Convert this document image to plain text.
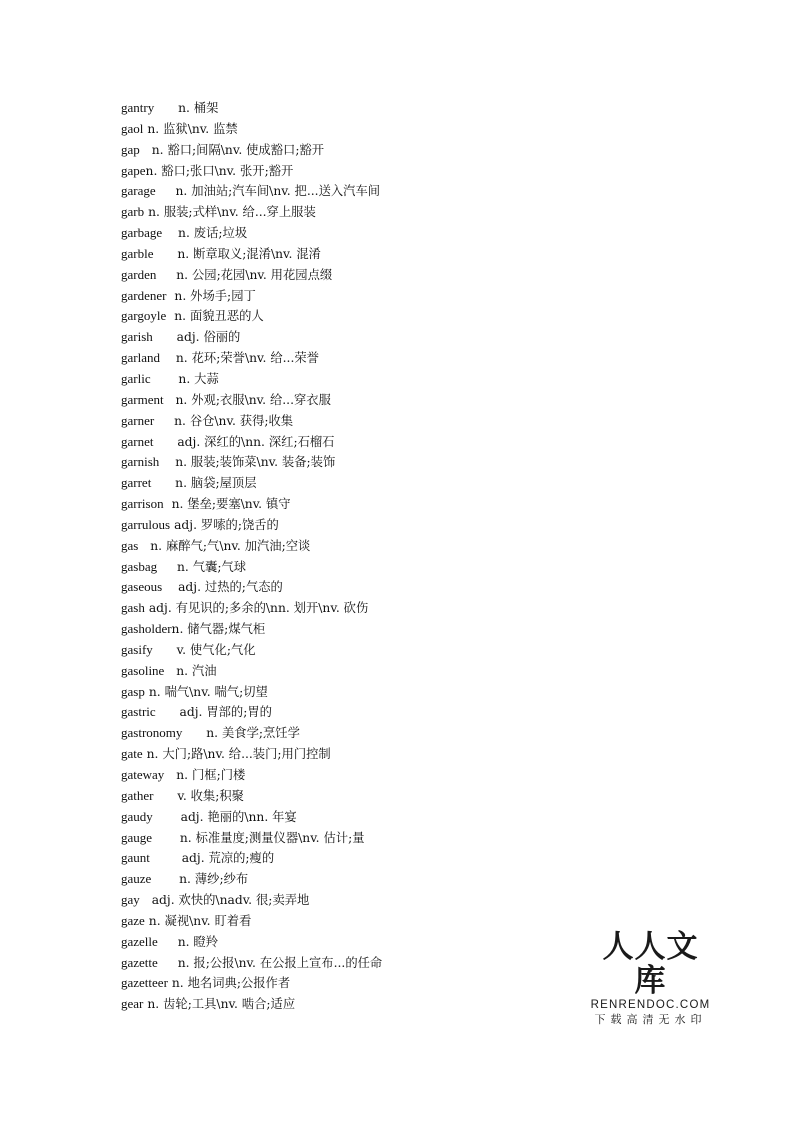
gantry n. 桶架
gaol n. 监狱\nv. 监禁
gap n. 豁口;间隔\nv. 使成豁口;豁开
gapen. 豁口;张口\nv. 张开;豁开
garage n. 加油站;汽车间\nv. 把...送入汽车间
garb n. 服装;式样\nv. 给...穿上服装
garbage n. 废话;垃圾
garble n. 断章取义;混淆\nv. 混淆
garden n. 公园;花园\nv. 用花园点缀
gardener n. 外场手;园丁
gargoyle n. 面貌丑恶的人
garish adj. 俗丽的
garland n. 花环;荣誉\nv. 给...荣誉
garlic n. 大蒜
garment n. 外观;衣服\nv. 给...穿衣服
garner n. 谷仓\nv. 获得;收集
garnet adj. 深红的\nn. 深红;石榴石
garnish n. 服装;装饰菜\nv. 装备;装饰
garret n. 脑袋;屋顶层
garrison n. 堡垒;要塞\nv. 镇守
garrulous adj. 罗嗦的;饶舌的
gas n. 麻醉气;气\nv. 加汽油;空谈
gasbag n. 气囊;气球
gaseous adj. 过热的;气态的
gash adj. 有见识的;多余的\nn. 划开\nv. 砍伤
gasholdern. 储气器;煤气柜
gasify v. 使气化;气化
gasoline n. 汽油
gasp n. 喘气\nv. 喘气;切望
gastric adj. 胃部的;胃的
gastronomy n. 美食学;烹饪学
gate n. 大门;路\nv. 给...装门;用门控制
gateway n. 门框;门楼
gather v. 收集;积聚
gaudy adj. 艳丽的\nn. 年宴
gauge n. 标准量度;测量仪器\nv. 估计;量
gaunt	adj. 荒凉的;瘦的
gauze n. 薄纱;纱布
gay adj. 欢快的\nadv. 很;卖弄地
gaze n. 凝视\nv. 盯着看
gazelle n. 瞪羚
gazette n. 报;公报\nv. 在公报上宣布...的任命
gazetteer n. 地名词典;公报作者
gear n. 齿轮;工具\nv. 啮合;适应
人人文库
RENRENDOC.COM
下载高清无水印
